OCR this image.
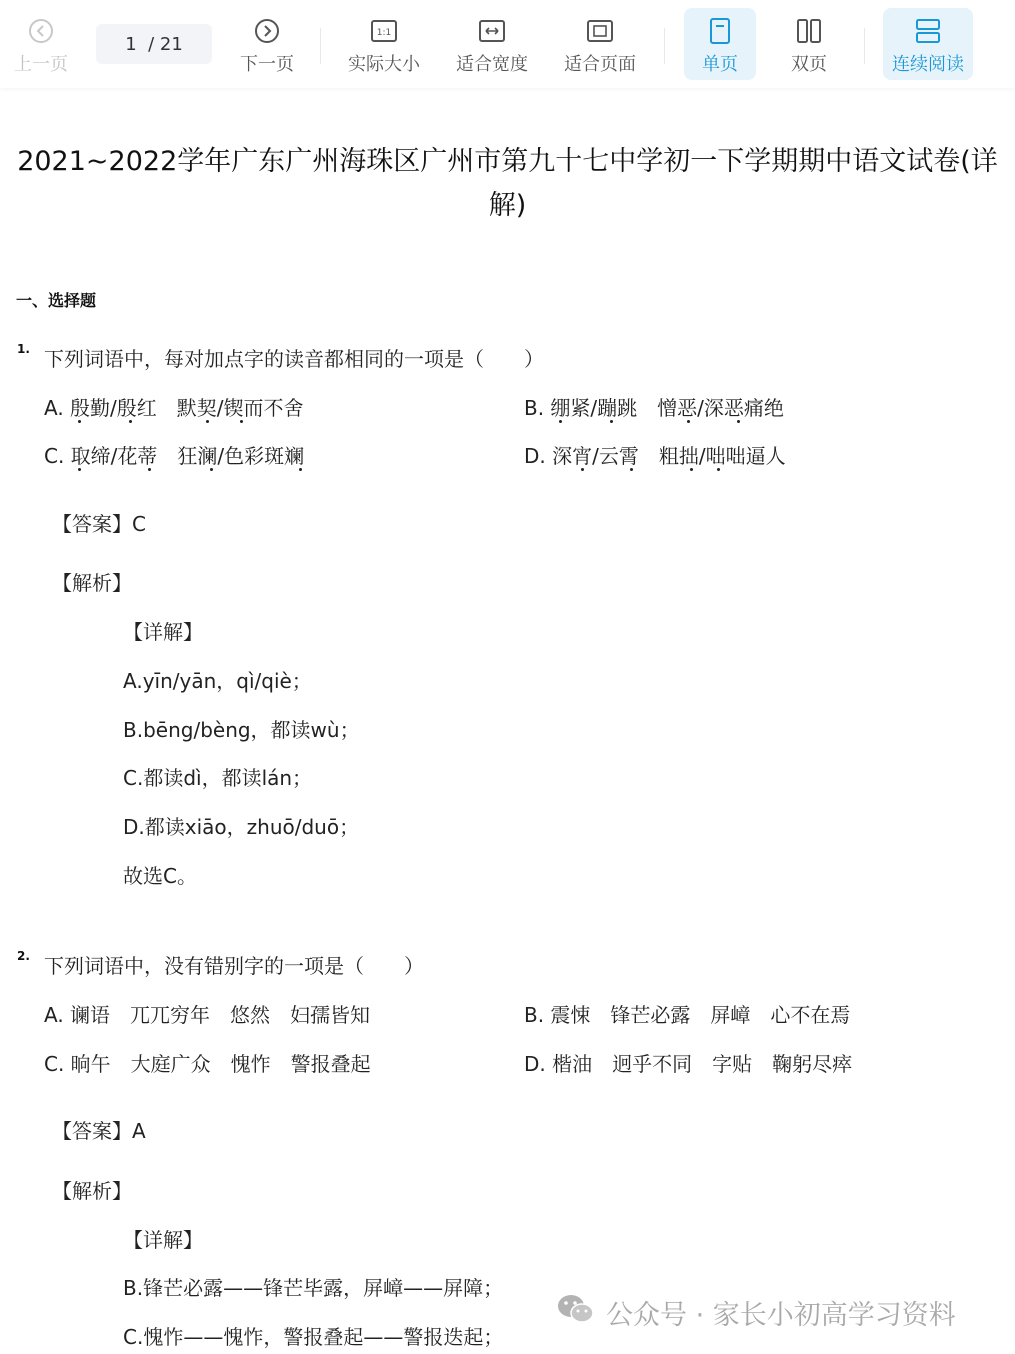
上一页
1  / 21
下一页
1:1
实际大小 适合宽度 适合页面	单页	双页	连续阅读
2021~2022学年广东广州海珠区广州市第九十七中学初一下学期期中语文试卷(详解)
一、选择题
1. 下列词语中，每对加点字的读音都相同的一项是（　　）
A. 殷勤/殷红　默契/锲而不舍	B. 绷紧/蹦跳　憎恶/深恶痛绝
C. 取缔/花蒂　狂澜/色彩斑斓	D. 深宵/云霄　粗拙/咄咄逼人
【答案】C
【解析】
【详解】
A.yīn/yān，qì/qiè；
B.bēng/bèng，都读wù；
C.都读dì，都读lán；
D.都读xiāo，zhuō/duō；
故选C。
2. 下列词语中，没有错别字的一项是（　　）
A. 谰语　兀兀穷年　悠然　妇孺皆知	B. 震悚　锋芒必露　屏嶂　心不在焉
C. 晌午　大庭广众　愧怍　警报叠起	D. 楷油　迥乎不同　字贴　鞠躬尽瘁
【答案】A
【解析】
【详解】
B.锋芒必露——锋芒毕露，屏嶂——屏障；
C.愧怍——愧怍，警报叠起——警报迭起；
公众号 · 家长小初高学习资料
